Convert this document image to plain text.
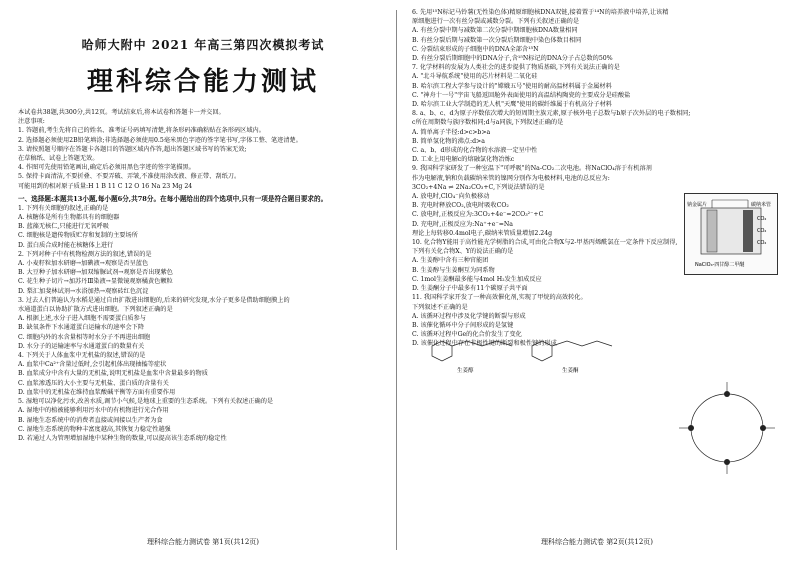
哈师大附中 2021 年高三第四次模拟考试
理科综合能力测试
本试卷共38题,共300分,共12页。考试结束后,将本试卷和答题卡一并交回。
注意事项:
1. 答题前,考生先将自己的姓名、准考证号码填写清楚,将条形码准确粘贴在条形码区域内。
2. 选择题必须使用2B铅笔填涂;非选择题必须使用0.5毫米黑色字迹的签字笔书写,字体工整、笔迹清楚。
3. 请按照题号顺序在答题卡各题目的答题区域内作答,超出答题区域书写的答案无效;
在草稿纸、试卷上答题无效。
4. 作图可先使用铅笔画出,确定后必须用黑色字迹的签字笔描黑。
5. 保持卡面清洁,不要折叠、不要弄破、弄皱,不准使用涂改液、修正带、刮纸刀。
可能用到的相对原子质量:H 1 B 11 C 12 O 16 Na 23 Mg 24
一、选择题:本题共13小题,每小题6分,共78分。在每小题给出的四个选项中,只有一项是符合题目要求的。
1. 下列有关细胞的叙述,正确的是
A. 核糖体是所有生物都具有的细胞器
B. 蓝藻无核仁,只能进行无氧呼吸
C. 细胞核是遗传物质贮存和复制的主要场所
D. 蛋白质合成时能在核糖体上进行
2. 下列对种子中有机物检测方法的叙述,错误的是
A. 小麦籽粒加水研磨→加碘液→观察是否呈蓝色
B. 大豆种子加水研磨→加双缩脲试剂→观察是否出现紫色
C. 花生种子切片→加苏丹Ⅲ染液→显微镜观察橘黄色颗粒
D. 梨汇加斐林试剂→水浴加热→观察砖红色沉淀
3. 过去人们普遍认为水稻是通过自由扩散进出细胞的,后来的研究发现,水分子更多是借助细胞膜上的
水通道蛋白以协助扩散方式进出细胞。下列叙述正确的是
A. 根据上述,水分子进入细胞不需要蛋白质参与
B. 缺氧条件下水通道蛋白运输水的速率会下降
C. 细胞内外的水含量相等时水分子不再进出细胞
D. 水分子的运输速率与水通道蛋白的数量有关
4. 下列关于人体血浆中无机盐的叙述,错误的是
A. 血浆中Ca²⁺含量过低时,会引起机体出现抽搐等症状
B. 血浆成分中含有大量的无机盐,说明无机盐是血浆中含量最多的物质
C. 血浆渗透压的大小主要与无机盐、蛋白质的含量有关
D. 血浆中的无机盐在维持血浆酸碱平衡等方面有重要作用
5. 湿地可以净化污水,改善水质,调节小气候,是地球上重要的生态系统。下列有关叙述正确的是
A. 湿地中的植被能够利用污水中的有机物进行光合作用
B. 湿地生态系统中的消费者直接或间接以生产者为食
C. 湿地生态系统的物种丰富度越高,其恢复力稳定性越强
D. 若通过人为管理增加湿地中某种生物的数量,可以提高该生态系统的稳定性
理科综合能力测试卷 第1页(共12页)
6. 先用¹⁵N标记马铃薯(无性染色体)精原细胞核DNA双链,接着置于¹⁴N的培养液中培养,让该精
原细胞进行一次有丝分裂或减数分裂。下列有关叙述正确的是
A. 有丝分裂中期与减数第二次分裂中期细胞核DNA数量相同
B. 有丝分裂后期与减数第一次分裂后期细胞中染色体数目相同
C. 分裂结束形成的子细胞中的DNA全部含¹⁵N
D. 有丝分裂后期细胞中的DNA分子,含¹⁵N标记的DNA分子占总数的50%
7. 化学材料的发展为人类社会的进步提供了物质基础,下列有关说法正确的是
A. "北斗导航系统"使用的芯片材料是二氧化硅
B. 哈尔滨工程大学参与设计的"嫦娥五号"使用的耐高温材料属于金属材料
C. "神舟十一号"宇宙飞船返回舱外表面使用的高温结构陶瓷的主要成分是硅酸盐
D. 哈尔滨工业大学制造的无人机"天鹰"使用的碳纤维属于有机高分子材料
8. a、b、c、d为原子序数依次增大的短周期主族元素,原子核外电子总数与b原子次外层的电子数相同;
c所在周期数与族序数相同;d与a同族,下列叙述正确的是
A. 简单离子半径:d>c>b>a
B. 简单氢化物的沸点:d>a
C. a、b、d形成的化合物的水溶液一定呈中性
D. 工业上用电解c的熔融氯化物冶炼c
9. 我国科学家研发了一种室温下"可呼吸"的Na-CO₂二次电池。将NaClO₄溶于有机溶剂
作为电解液,钠和负载碳纳米管的镍网分别作为电极材料,电池的总反应为:
3CO₂+4Na ⇌ 2Na₂CO₃+C,下列说法错误的是
A. 放电时,ClO₄⁻向负极移动
B. 充电时释放CO₂,放电时吸收CO₂
C. 放电时,正极反应为:3CO₂+4e⁻=2CO₃²⁻+C
D. 充电时,正极反应为:Na⁺+e⁻=Na
理论上每转移0.4mol电子,碳纳米管质量增加2.24g
10. 化合物Y能用于高性能光学树脂的合成,可由化合物X与2-甲基丙烯酰氯在一定条件下反应制得,
下列有关化合物X、Y的说法正确的是
A. 生姜醇中含有三种官能团
B. 生姜醇与生姜酮互为同系物
C. 1mol生姜酮最多能与4mol H₂发生加成反应
D. 生姜酮分子中最多有11个碳原子共平面
11. 我国科学家开发了一种高效催化剂,实现了甲烷的高效转化。
下列叙述不正确的是
A. 该循环过程中涉及化学键的断裂与形成
B. 该催化循环中分子间形成的是氢键
C. 该循环过程中Ge的化合价发生了变化
D. 该催化过程中存在非极性键的断裂和极性键的形成
钠金属片	碳纳米管
CO₂
CO₂
CO₂
NaClO₄-四甘醇二甲醚
生姜醇	生姜酮
理科综合能力测试卷 第2页(共12页)
